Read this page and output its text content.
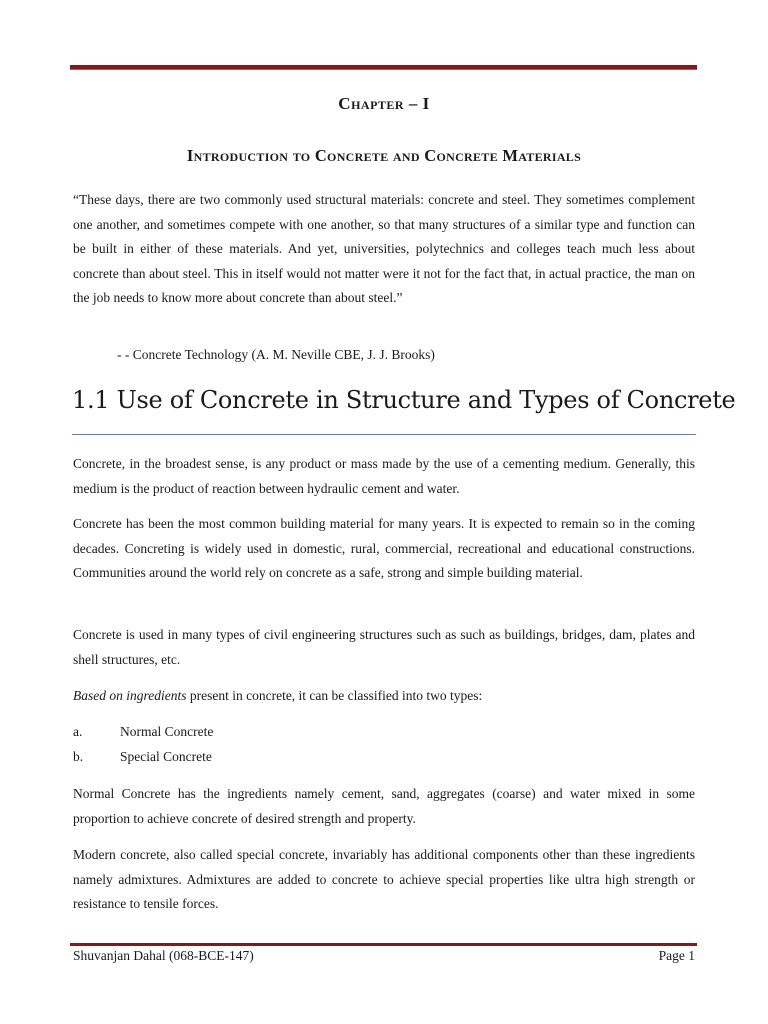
Chapter – I
Introduction to Concrete and Concrete Materials
“These days, there are two commonly used structural materials: concrete and steel. They sometimes complement one another, and sometimes compete with one another, so that many structures of a similar type and function can be built in either of these materials. And yet, universities, polytechnics and colleges teach much less about concrete than about steel. This in itself would not matter were it not for the fact that, in actual practice, the man on the job needs to know more about concrete than about steel.”
- - Concrete Technology (A. M. Neville CBE, J. J. Brooks)
1.1 Use of Concrete in Structure and Types of Concrete
Concrete, in the broadest sense, is any product or mass made by the use of a cementing medium. Generally, this medium is the product of reaction between hydraulic cement and water.
Concrete has been the most common building material for many years. It is expected to remain so in the coming decades. Concreting is widely used in domestic, rural, commercial, recreational and educational constructions. Communities around the world rely on concrete as a safe, strong and simple building material.
Concrete is used in many types of civil engineering structures such as such as buildings, bridges, dam, plates and shell structures, etc.
Based on ingredients present in concrete, it can be classified into two types:
a.	Normal Concrete
b.	Special Concrete
Normal Concrete has the ingredients namely cement, sand, aggregates (coarse) and water mixed in some proportion to achieve concrete of desired strength and property.
Modern concrete, also called special concrete, invariably has additional components other than these ingredients namely admixtures. Admixtures are added to concrete to achieve special properties like ultra high strength or resistance to tensile forces.
Shuvanjan Dahal (068-BCE-147)	Page 1
